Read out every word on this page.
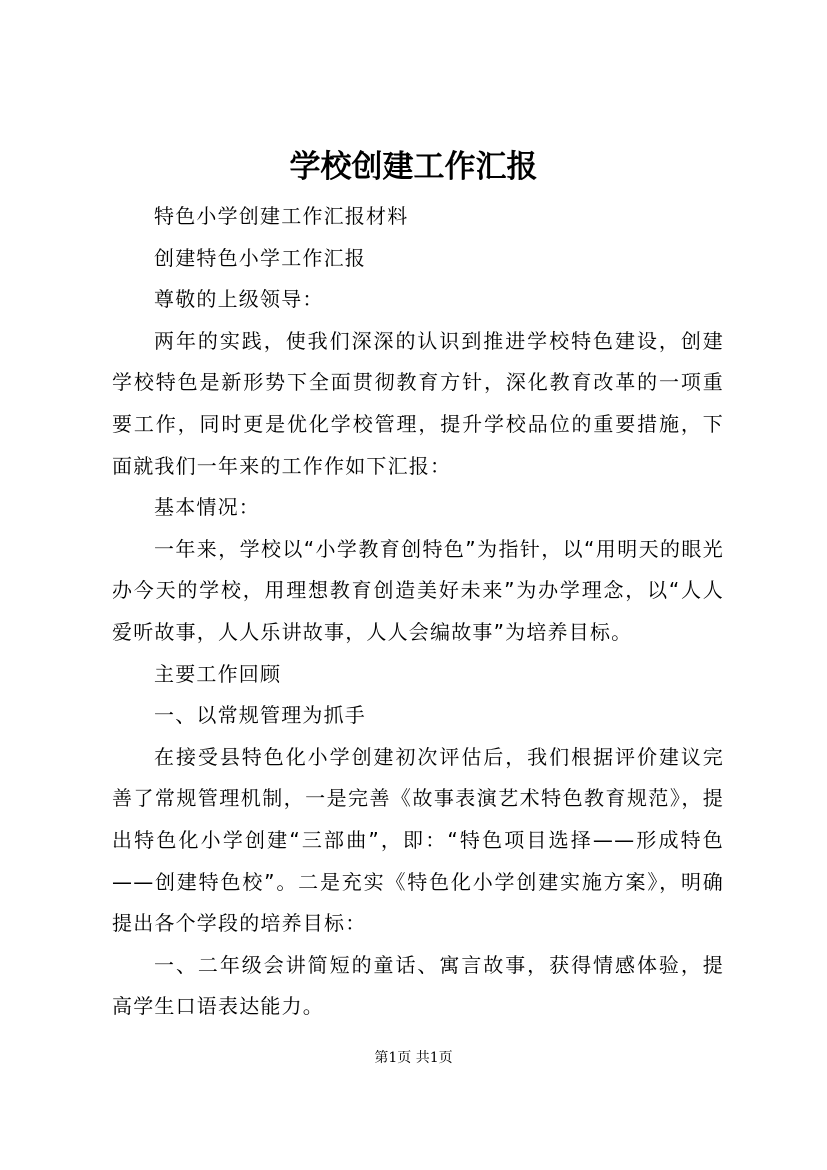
学校创建工作汇报

特色小学创建工作汇报材料

创建特色小学工作汇报

尊敬的上级领导：

两年的实践，使我们深深的认识到推进学校特色建设，创建学校特色是新形势下全面贯彻教育方针，深化教育改革的一项重要工作，同时更是优化学校管理，提升学校品位的重要措施，下面就我们一年来的工作作如下汇报：

基本情况：

一年来，学校以“小学教育创特色”为指针，以“用明天的眼光办今天的学校，用理想教育创造美好未来”为办学理念，以“人人爱听故事，人人乐讲故事，人人会编故事”为培养目标。

主要工作回顾

一、以常规管理为抓手

在接受县特色化小学创建初次评估后，我们根据评价建议完善了常规管理机制，一是完善《故事表演艺术特色教育规范》，提出特色化小学创建“三部曲”，即：“特色项目选择——形成特色——创建特色校”。二是充实《特色化小学创建实施方案》，明确提出各个学段的培养目标：

一、二年级会讲简短的童话、寓言故事，获得情感体验，提高学生口语表达能力。

第1页 共1页
